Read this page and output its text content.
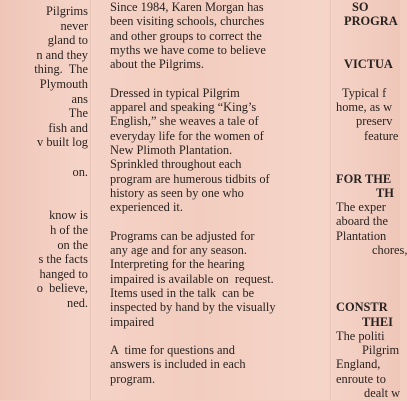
Pilgrims
never
gland to
n and they
thing.  The
Plymouth
ans
The
fish and
v built log
on.
know is
h of the
on the
s the facts
hanged to
o  believe,
ned.
Since 1984, Karen Morgan has
been visiting schools, churches
and other groups to correct the
myths we have come to believe
about the Pilgrims.
Dressed in typical Pilgrim
apparel and speaking “King’s
English,” she weaves a tale of
everyday life for the women of
New Plimoth Plantation.
Sprinkled throughout each
program are humerous tidbits of
history as seen by one who
experienced it.
Programs can be adjusted for
any age and for any season.
Interpreting for the hearing
impaired is available on  request.
Items used in the talk  can be
inspected by hand by the visually
impaired
A  time for questions and
answers is included in each
program.
SO
PROGRA
VICTUA
Typical f
home, as w
preserv
feature
FOR THE
TH
The exper
aboard the
Plantation
chores,
CONSTR
THEI
The politi
Pilgrim
England,
enroute to
dealt w
